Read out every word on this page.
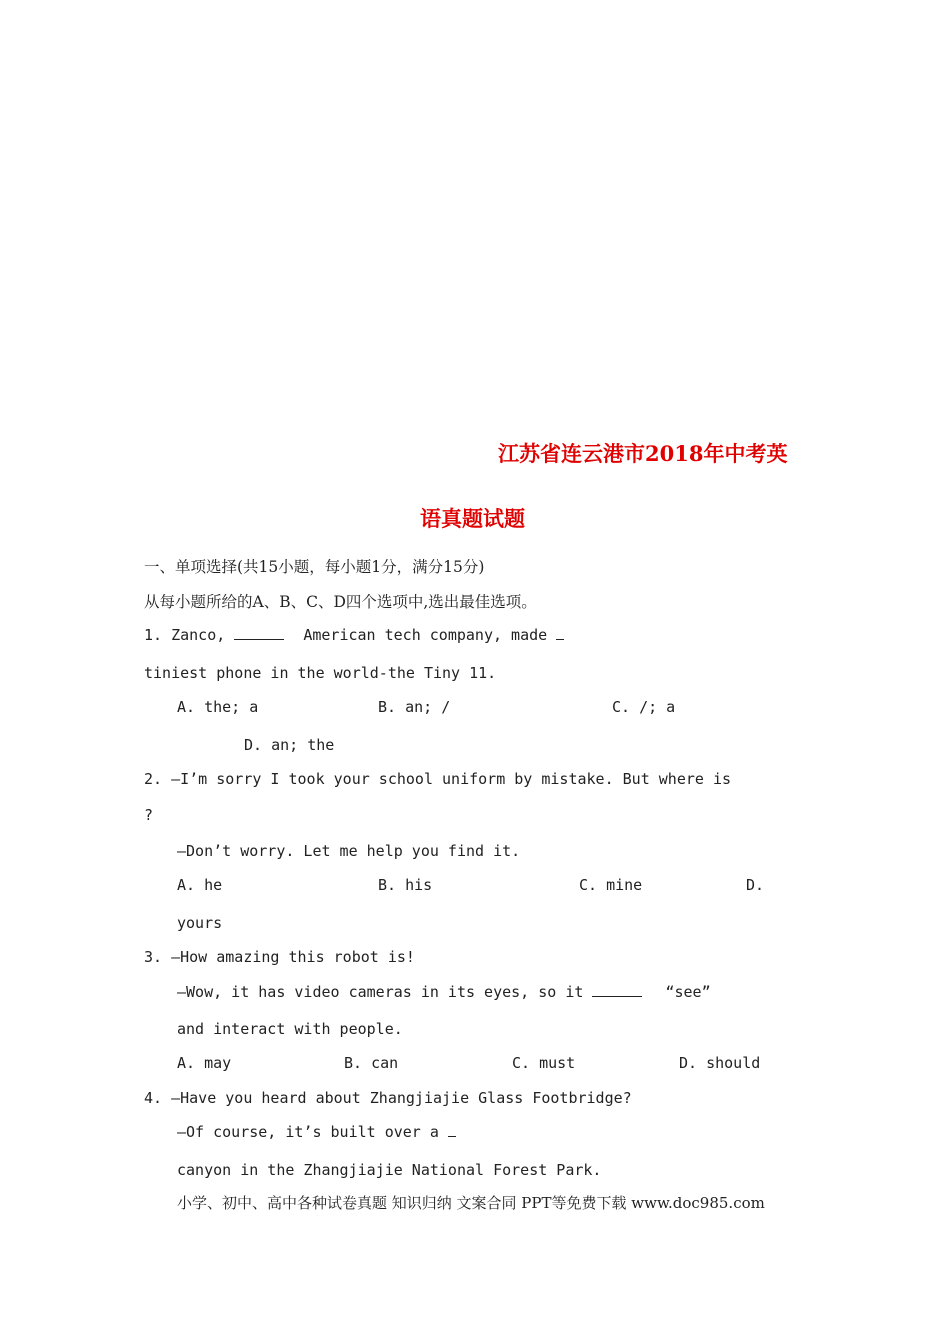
江苏省连云港市2018年中考英
语真题试题
一、单项选择(共15小题，每小题1分，满分15分)
从每小题所给的A、B、C、D四个选项中,选出最佳选项。
1. Zanco,	American tech company, made
tiniest phone in the world-the Tiny 11.
A. the; a	B. an; /	C. /; a
D. an; the
2. —I’m sorry I took your school uniform by mistake. But where is
?
—Don’t worry. Let me help you find it.
A. he	B. his	C. mine	D.
yours
3. —How amazing this robot is!
—Wow, it has video cameras in its eyes, so it	“see”
and interact with people.
A. may	B. can	C. must	D. should
4. —Have you heard about Zhangjiajie Glass Footbridge?
—Of course, it’s built over a
canyon in the Zhangjiajie National Forest Park.
小学、初中、高中各种试卷真题 知识归纳 文案合同 PPT等免费下载 www.doc985.com
